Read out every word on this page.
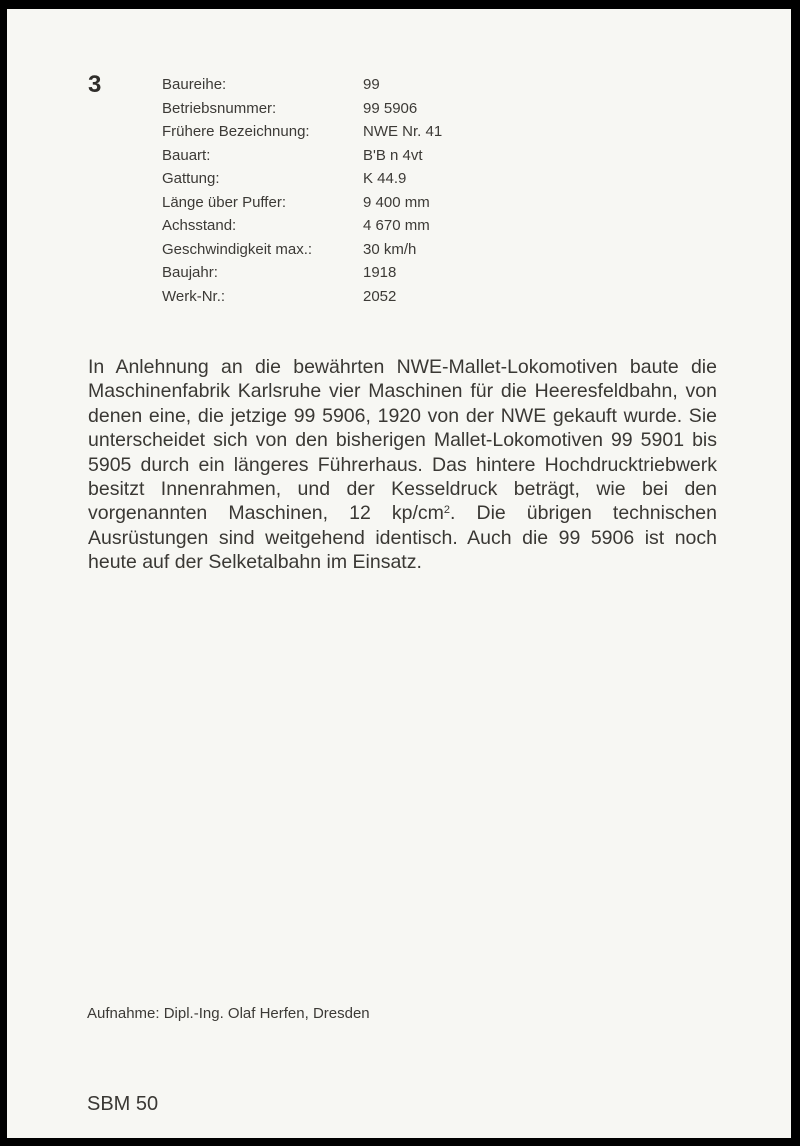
3	Baureihe:	99
Betriebsnummer:	99 5906
Frühere Bezeichnung:	NWE Nr. 41
Bauart:	B'B n 4vt
Gattung:	K 44.9
Länge über Puffer:	9 400 mm
Achsstand:	4 670 mm
Geschwindigkeit max.:	30 km/h
Baujahr:	1918
Werk-Nr.:	2052

In Anlehnung an die bewährten NWE-Mallet-Lokomotiven baute die Maschinenfabrik Karlsruhe vier Maschinen für die Heeresfeldbahn, von denen eine, die jetzige 99 5906, 1920 von der NWE gekauft wurde. Sie unterscheidet sich von den bisherigen Mallet-Lokomotiven 99 5901 bis 5905 durch ein längeres Führerhaus. Das hintere Hochdrucktriebwerk besitzt Innenrahmen, und der Kesseldruck beträgt, wie bei den vorgenannten Maschinen, 12 $kp/cm^2$. Die übrigen technischen Ausrüstungen sind weitgehend identisch. Auch die 99 5906 ist noch heute auf der Selketalbahn im Einsatz.

Aufnahme: Dipl.-Ing. Olaf Herfen, Dresden
SBM 50
